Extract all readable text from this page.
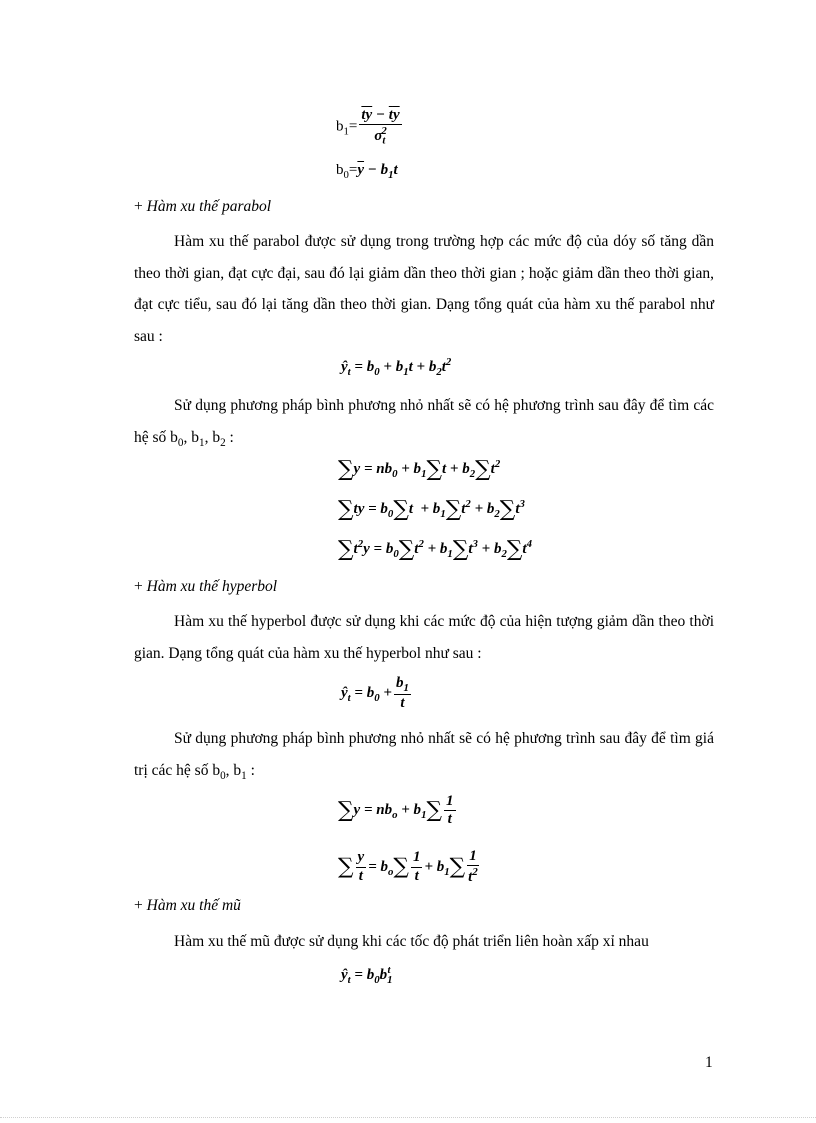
$b_1= \frac{\overline{ty} - \overline{t}\overline{y}}{\sigma_t^2}$
$b_0=\overline{y} - b_1t$
+ Hàm xu thế parabol
Hàm xu thế parabol được sử dụng trong trường hợp các mức độ của dóy số tăng dần theo thời gian, đạt cực đại, sau đó lại giảm dần theo thời gian ; hoặc giảm dần theo thời gian, đạt cực tiểu, sau đó lại tăng dần theo thời gian. Dạng tổng quát của hàm xu thế parabol như sau :
$ŷ_t = b_0 + b_1t + b_2t^2$
Sử dụng phương pháp bình phương nhỏ nhất sẽ có hệ phương trình sau đây để tìm các hệ số $b_0$, $b_1$, $b_2$ :
$\sum y = nb_0 + b_1\sum t + b_2\sum t^2$
$\sum ty = b_0\sum t + b_1\sum t^2 + b_2\sum t^3$
$\sum t^2y = b_0\sum t^2 + b_1\sum t^3 + b_2\sum t^4$
+ Hàm xu thế hyperbol
Hàm xu thế hyperbol được sử dụng khi các mức độ của hiện tượng giảm dần theo thời gian. Dạng tổng quát của hàm xu thế hyperbol như sau :
$ŷ_t = b_0 + \frac{b_1}{t}$
Sử dụng phương pháp bình phương nhỏ nhất sẽ có hệ phương trình sau đây để tìm giá trị các hệ số $b_0$, $b_1$ :
$\sum y = nb_o + b_1\sum \frac{1}{t}$
∑ $\frac{y}{t} = b_o\sum \frac{1}{t} + b_1\sum \frac{1}{t^2}$
+ Hàm xu thế mũ
Hàm xu thế mũ được sử dụng khi các tốc độ phát triển liên hoàn xấp xỉ nhau
$ŷ_t = b_0b_1^t$
1
